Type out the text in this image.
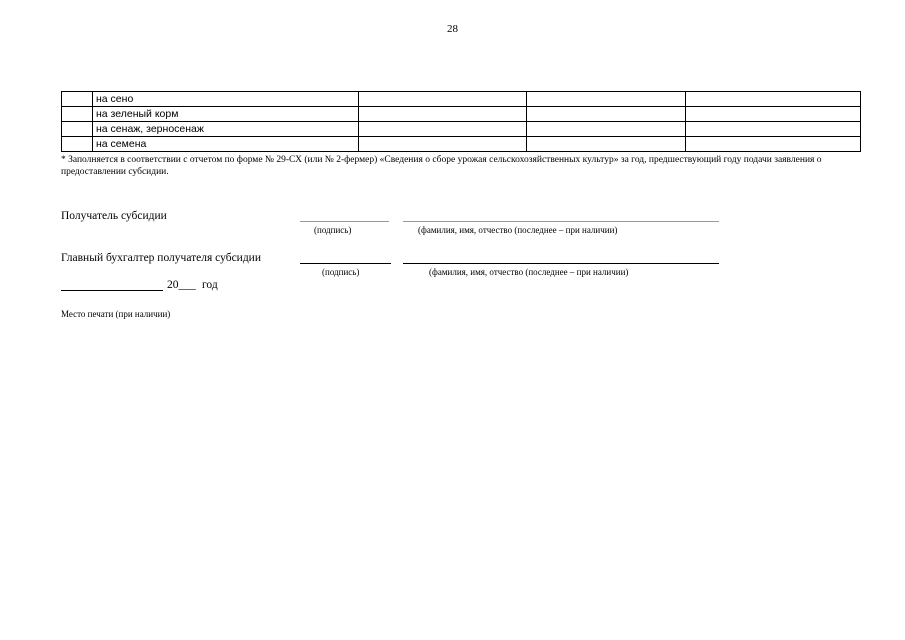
28
	на сено			
	на зеленый корм			
	на сенаж, зерносенаж			
	на семена			
* Заполняется в соответствии с отчетом по форме № 29-СХ (или № 2-фермер) «Сведения о сборе урожая сельскохозяйственных культур» за год, предшествующий году подачи заявления о предоставлении субсидии.
Получатель субсидии
(подпись)	(фамилия, имя, отчество (последнее – при наличии)
Главный бухгалтер получателя субсидии
(подпись)	(фамилия, имя, отчество (последнее – при наличии)
20___ год
Место печати (при наличии)
